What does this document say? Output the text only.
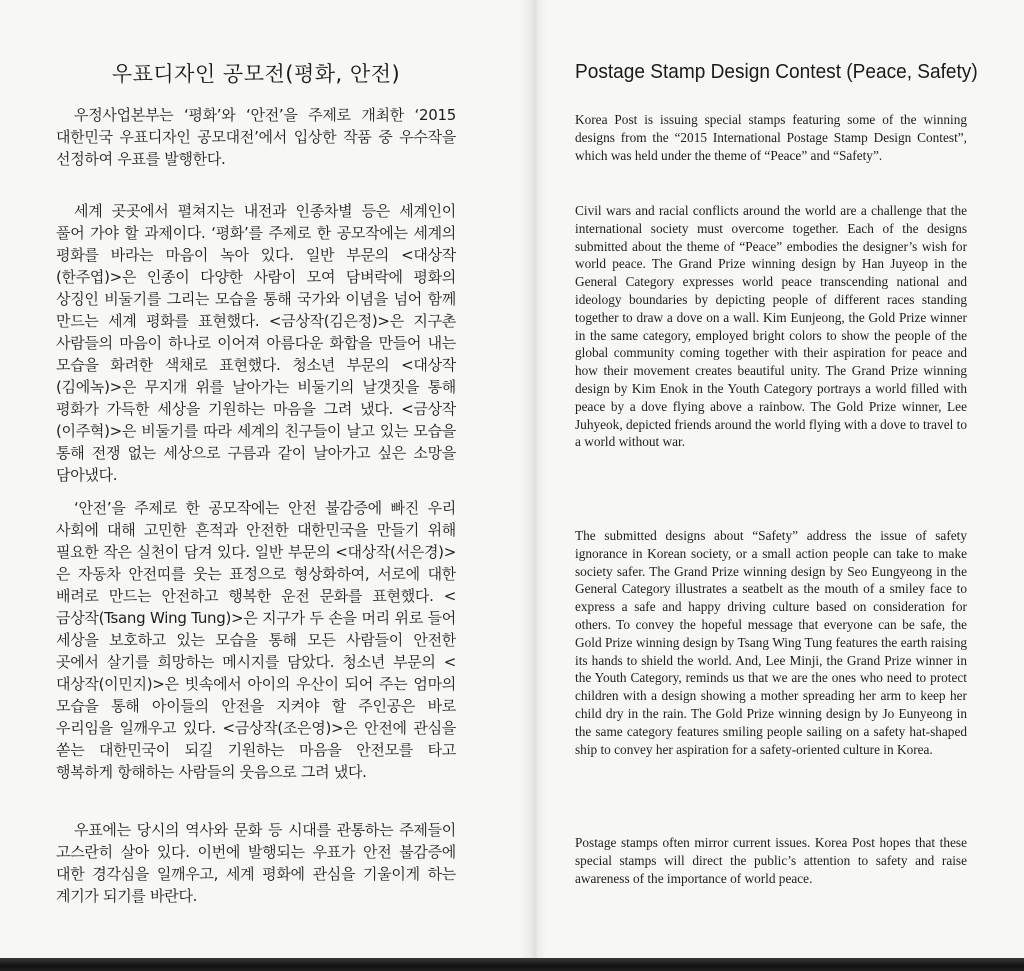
우표디자인 공모전(평화, 안전)

우정사업본부는 ‘평화’와 ‘안전’을 주제로 개최한 ‘2015 대한민국 우표디자인 공모대전’에서 입상한 작품 중 우수작을 선정하여 우표를 발행한다.

세계 곳곳에서 펼쳐지는 내전과 인종차별 등은 세계인이 풀어 가야 할 과제이다. ‘평화’를 주제로 한 공모작에는 세계의 평화를 바라는 마음이 녹아 있다. 일반 부문의 <대상작(한주엽)>은 인종이 다양한 사람이 모여 담벼락에 평화의 상징인 비둘기를 그리는 모습을 통해 국가와 이념을 넘어 함께 만드는 세계 평화를 표현했다. <금상작(김은정)>은 지구촌 사람들의 마음이 하나로 이어져 아름다운 화합을 만들어 내는 모습을 화려한 색채로 표현했다. 청소년 부문의 <대상작(김에녹)>은 무지개 위를 날아가는 비둘기의 날갯짓을 통해 평화가 가득한 세상을 기원하는 마음을 그려 냈다. <금상작(이주혁)>은 비둘기를 따라 세계의 친구들이 날고 있는 모습을 통해 전쟁 없는 세상으로 구름과 같이 날아가고 싶은 소망을 담아냈다.

‘안전’을 주제로 한 공모작에는 안전 불감증에 빠진 우리 사회에 대해 고민한 흔적과 안전한 대한민국을 만들기 위해 필요한 작은 실천이 담겨 있다. 일반 부문의 <대상작(서은경)>은 자동차 안전띠를 웃는 표정으로 형상화하여, 서로에 대한 배려로 만드는 안전하고 행복한 운전 문화를 표현했다. <금상작(Tsang Wing Tung)>은 지구가 두 손을 머리 위로 들어 세상을 보호하고 있는 모습을 통해 모든 사람들이 안전한 곳에서 살기를 희망하는 메시지를 담았다. 청소년 부문의 <대상작(이민지)>은 빗속에서 아이의 우산이 되어 주는 엄마의 모습을 통해 아이들의 안전을 지켜야 할 주인공은 바로 우리임을 일깨우고 있다. <금상작(조은영)>은 안전에 관심을 쏟는 대한민국이 되길 기원하는 마음을 안전모를 타고 행복하게 항해하는 사람들의 웃음으로 그려 냈다.

우표에는 당시의 역사와 문화 등 시대를 관통하는 주제들이 고스란히 살아 있다. 이번에 발행되는 우표가 안전 불감증에 대한 경각심을 일깨우고, 세계 평화에 관심을 기울이게 하는 계기가 되기를 바란다.

Postage Stamp Design Contest (Peace, Safety)

Korea Post is issuing special stamps featuring some of the winning designs from the “2015 International Postage Stamp Design Contest”, which was held under the theme of “Peace” and “Safety”.

Civil wars and racial conflicts around the world are a challenge that the international society must overcome together. Each of the designs submitted about the theme of “Peace” embodies the designer’s wish for world peace. The Grand Prize winning design by Han Juyeop in the General Category expresses world peace transcending national and ideology boundaries by depicting people of different races standing together to draw a dove on a wall. Kim Eunjeong, the Gold Prize winner in the same category, employed bright colors to show the people of the global community coming together with their aspiration for peace and how their movement creates beautiful unity. The Grand Prize winning design by Kim Enok in the Youth Category portrays a world filled with peace by a dove flying above a rainbow. The Gold Prize winner, Lee Juhyeok, depicted friends around the world flying with a dove to travel to a world without war.

The submitted designs about “Safety” address the issue of safety ignorance in Korean society, or a small action people can take to make society safer. The Grand Prize winning design by Seo Eungyeong in the General Category illustrates a seatbelt as the mouth of a smiley face to express a safe and happy driving culture based on consideration for others. To convey the hopeful message that everyone can be safe, the Gold Prize winning design by Tsang Wing Tung features the earth raising its hands to shield the world. And, Lee Minji, the Grand Prize winner in the Youth Category, reminds us that we are the ones who need to protect children with a design showing a mother spreading her arm to keep her child dry in the rain. The Gold Prize winning design by Jo Eunyeong in the same category features smiling people sailing on a safety hat-shaped ship to convey her aspiration for a safety-oriented culture in Korea.

Postage stamps often mirror current issues. Korea Post hopes that these special stamps will direct the public’s attention to safety and raise awareness of the importance of world peace.
